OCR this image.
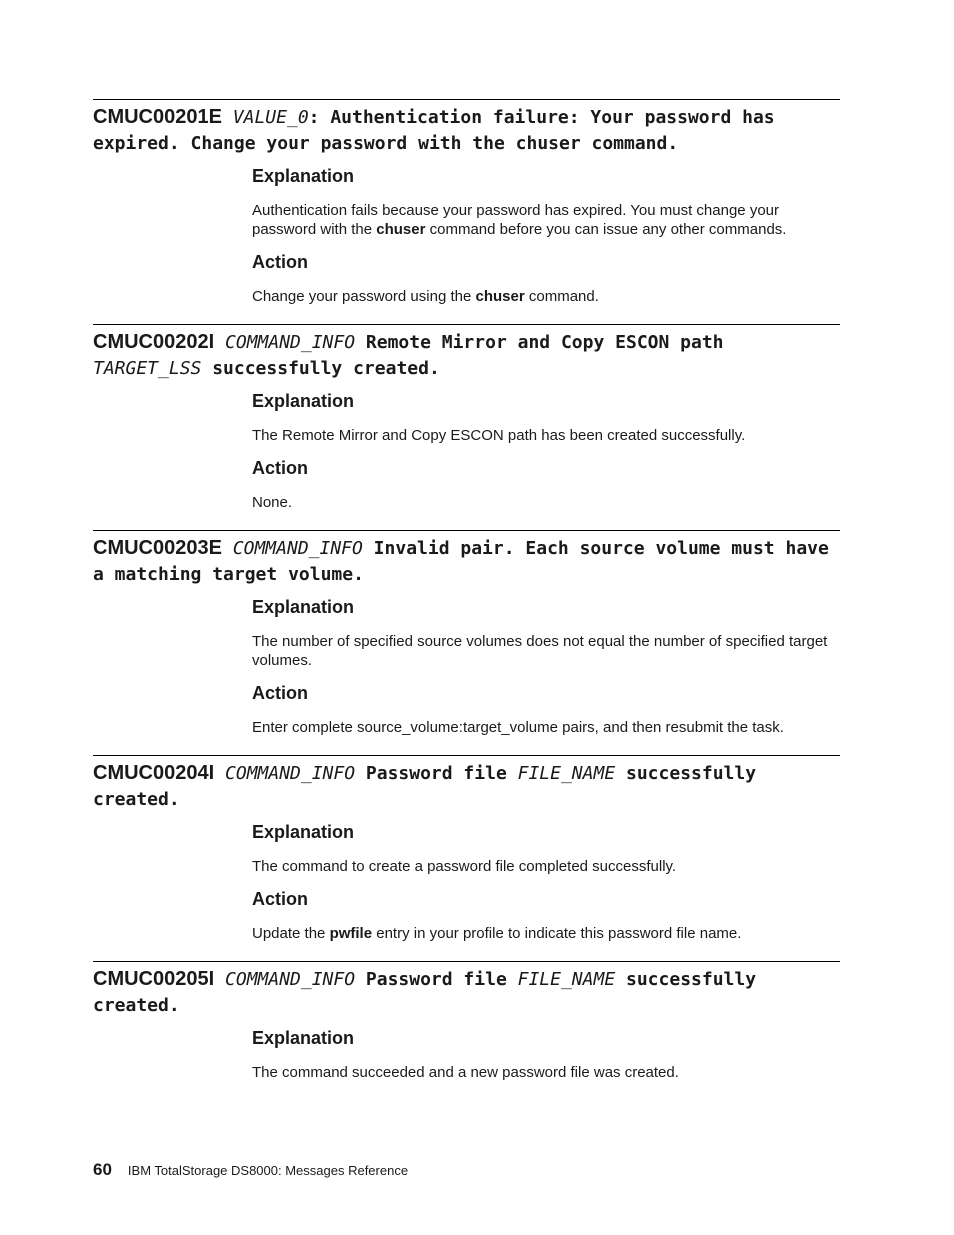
CMUC00201E VALUE_0: Authentication failure: Your password has expired. Change your password with the chuser command.
Explanation
Authentication fails because your password has expired. You must change your password with the chuser command before you can issue any other commands.
Action
Change your password using the chuser command.
CMUC00202I COMMAND_INFO Remote Mirror and Copy ESCON path TARGET_LSS successfully created.
Explanation
The Remote Mirror and Copy ESCON path has been created successfully.
Action
None.
CMUC00203E COMMAND_INFO Invalid pair. Each source volume must have a matching target volume.
Explanation
The number of specified source volumes does not equal the number of specified target volumes.
Action
Enter complete source_volume:target_volume pairs, and then resubmit the task.
CMUC00204I COMMAND_INFO Password file FILE_NAME successfully created.
Explanation
The command to create a password file completed successfully.
Action
Update the pwfile entry in your profile to indicate this password file name.
CMUC00205I COMMAND_INFO Password file FILE_NAME successfully created.
Explanation
The command succeeded and a new password file was created.
60 IBM TotalStorage DS8000: Messages Reference
